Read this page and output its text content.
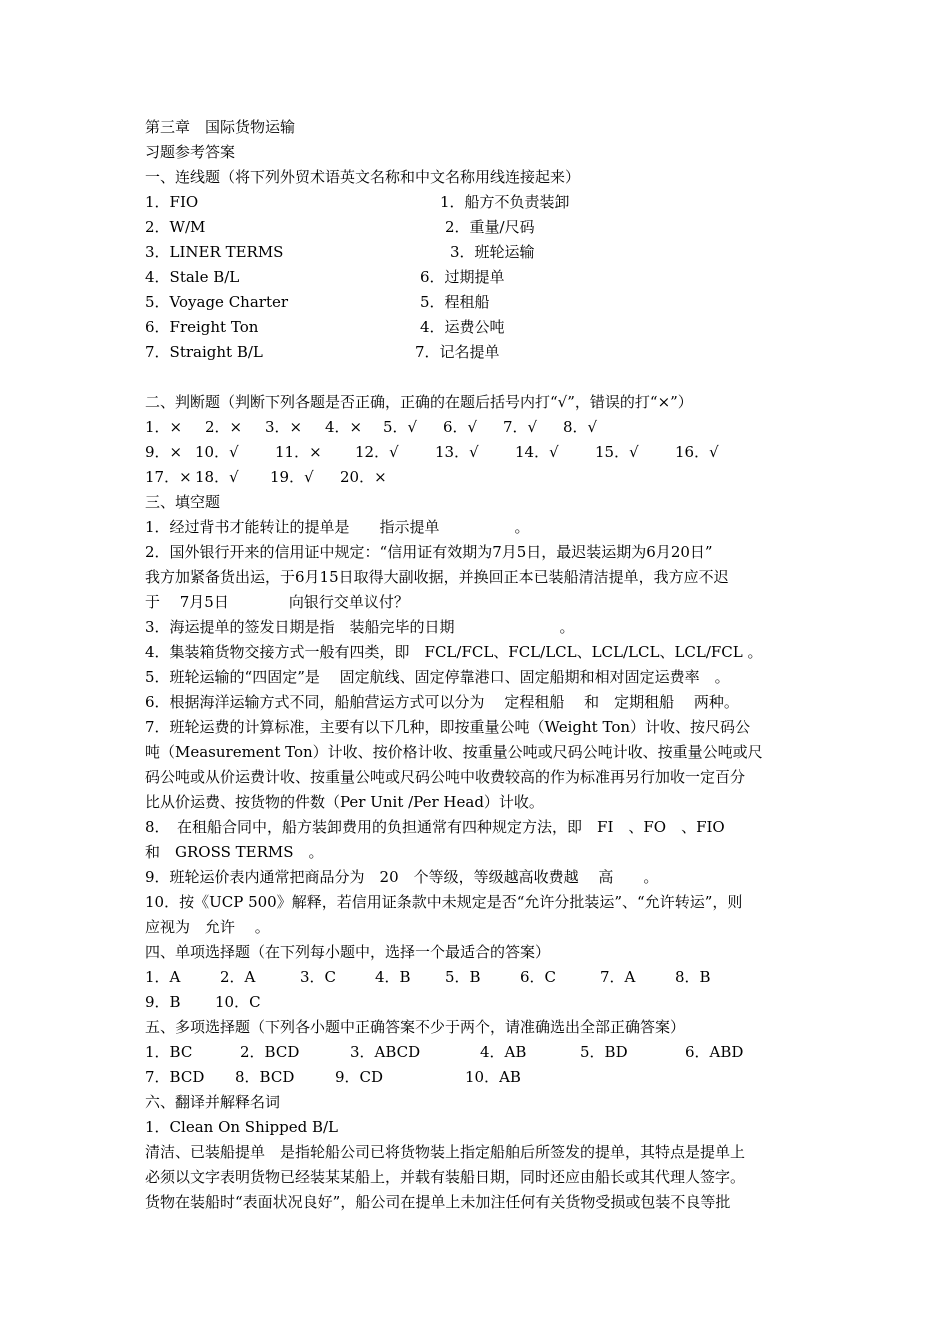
第三章　国际货物运输
习题参考答案
一、连线题（将下列外贸术语英文名称和中文名称用线连接起来）
1．FIO	1．船方不负责装卸
2．W/M	2．重量/尺码
3．LINER TERMS	3．班轮运输
4．Stale B/L	6．过期提单
5．Voyage Charter	5．程租船
6．Freight Ton	4．运费公吨
7．Straight B/L	7．记名提单
二、判断题（判断下列各题是否正确，正确的在题后括号内打“√”，错误的打“×”）
1．× 2．× 3．× 4．× 5．√ 6．√ 7．√ 8．√
9．× 10．√ 11．× 12．√ 13．√ 14．√ 15．√ 16．√
17．× 18．√ 19．√ 20．×
三、填空题
1．经过背书才能转让的提单是　　指示提单　　　　　。
2．国外银行开来的信用证中规定：“信用证有效期为7月5日，最迟装运期为6月20日”
我方加紧备货出运，于6月15日取得大副收据，并换回正本已装船清洁提单，我方应不迟
于　 7月5日　　　　向银行交单议付？
3．海运提单的签发日期是指　装船完毕的日期　　　　　　　。
4．集装箱货物交接方式一般有四类，即　FCL/FCL、FCL/LCL、LCL/LCL、LCL/FCL 。
5．班轮运输的“四固定”是　 固定航线、固定停靠港口、固定船期和相对固定运费率　。
6．根据海洋运输方式不同，船舶营运方式可以分为　 定程租船　 和　定期租船　 两种。
7．班轮运费的计算标准，主要有以下几种，即按重量公吨（Weight Ton）计收、按尺码公
吨（Measurement Ton）计收、按价格计收、按重量公吨或尺码公吨计收、按重量公吨或尺
码公吨或从价运费计收、按重量公吨或尺码公吨中收费较高的作为标准再另行加收一定百分
比从价运费、按货物的件数（Per Unit /Per Head）计收。
8．　在租船合同中，船方装卸费用的负担通常有四种规定方法，即　FI　、FO　、FIO
和　GROSS TERMS　。
9．班轮运价表内通常把商品分为　20　个等级，等级越高收费越　 高　　。
10．按《UCP 500》解释，若信用证条款中未规定是否“允许分批装运”、“允许转运”，则
应视为　允许　 。
四、单项选择题（在下列每小题中，选择一个最适合的答案）
1．A	2．A	3．C	4．B 5．B	6．C	7．A	8．B
9．B 10．C
五、多项选择题（下列各小题中正确答案不少于两个，请准确选出全部正确答案）
1．BC	2．BCD	3．ABCD	4．AB	5．BD	6．ABD
7．BCD 8．BCD	9．CD	10．AB
六、翻译并解释名词
1．Clean On Shipped B/L
清洁、已装船提单　是指轮船公司已将货物装上指定船舶后所签发的提单，其特点是提单上
必须以文字表明货物已经装某某船上，并载有装船日期，同时还应由船长或其代理人签字。
货物在装船时“表面状况良好”，船公司在提单上未加注任何有关货物受损或包装不良等批
